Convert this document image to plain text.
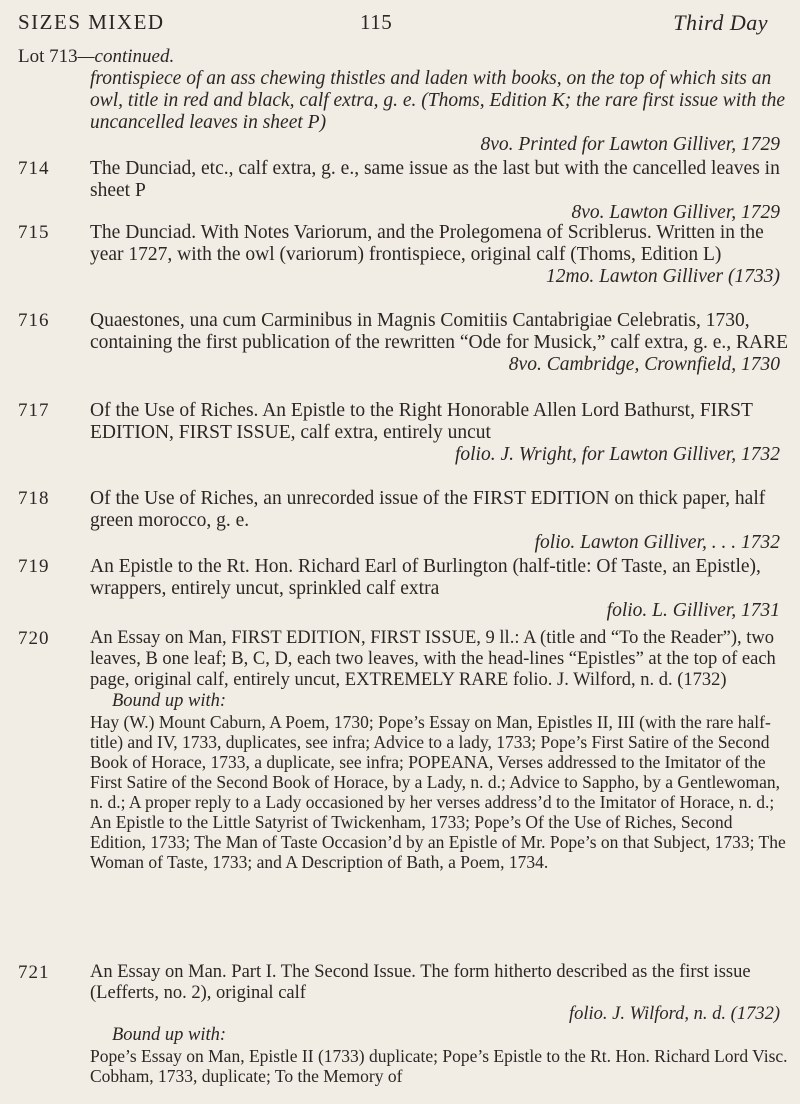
SIZES MIXED	115	Third Day
Lot 713—continued.
frontispiece of an ass chewing thistles and laden with books, on the top of which sits an owl, title in red and black, calf extra, g. e. (Thoms, Edition K; the rare first issue with the uncancelled leaves in sheet P)
8vo. Printed for Lawton Gilliver, 1729
714	The Dunciad, etc., calf extra, g. e., same issue as the last but with the cancelled leaves in sheet P
8vo. Lawton Gilliver, 1729
715	The Dunciad. With Notes Variorum, and the Prolegomena of Scriblerus. Written in the year 1727, with the owl (variorum) frontispiece, original calf (Thoms, Edition L)
12mo. Lawton Gilliver (1733)
716	Quaestones, una cum Carminibus in Magnis Comitiis Cantabrigiae Celebratis, 1730, containing the first publication of the rewritten “Ode for Musick,” calf extra, g. e., RARE
8vo. Cambridge, Crownfield, 1730
717	Of the Use of Riches. An Epistle to the Right Honorable Allen Lord Bathurst, FIRST EDITION, FIRST ISSUE, calf extra, entirely uncut
folio. J. Wright, for Lawton Gilliver, 1732
718	Of the Use of Riches, an unrecorded issue of the FIRST EDITION on thick paper, half green morocco, g. e.
folio. Lawton Gilliver, . . . 1732
719	An Epistle to the Rt. Hon. Richard Earl of Burlington (half-title: Of Taste, an Epistle), wrappers, entirely uncut, sprinkled calf extra
folio. L. Gilliver, 1731
720	An Essay on Man, FIRST EDITION, FIRST ISSUE, 9 ll.: A (title and “To the Reader”), two leaves, B one leaf; B, C, D, each two leaves, with the head-lines “Epistles” at the top of each page, original calf, entirely uncut, EXTREMELY RARE folio. J. Wilford, n. d. (1732)
Bound up with:
Hay (W.) Mount Caburn, A Poem, 1730; Pope’s Essay on Man, Epistles II, III (with the rare half-title) and IV, 1733, duplicates, see infra; Advice to a lady, 1733; Pope’s First Satire of the Second Book of Horace, 1733, a duplicate, see infra; POPEANA, Verses addressed to the Imitator of the First Satire of the Second Book of Horace, by a Lady, n. d.; Advice to Sappho, by a Gentlewoman, n. d.; A proper reply to a Lady occasioned by her verses address’d to the Imitator of Horace, n. d.; An Epistle to the Little Satyrist of Twickenham, 1733; Pope’s Of the Use of Riches, Second Edition, 1733; The Man of Taste Occasion’d by an Epistle of Mr. Pope’s on that Subject, 1733; The Woman of Taste, 1733; and A Description of Bath, a Poem, 1734.
721	An Essay on Man. Part I. The Second Issue. The form hitherto described as the first issue (Lefferts, no. 2), original calf
folio. J. Wilford, n. d. (1732)
Bound up with:
Pope’s Essay on Man, Epistle II (1733) duplicate; Pope’s Epistle to the Rt. Hon. Richard Lord Visc. Cobham, 1733, duplicate; To the Memory of
